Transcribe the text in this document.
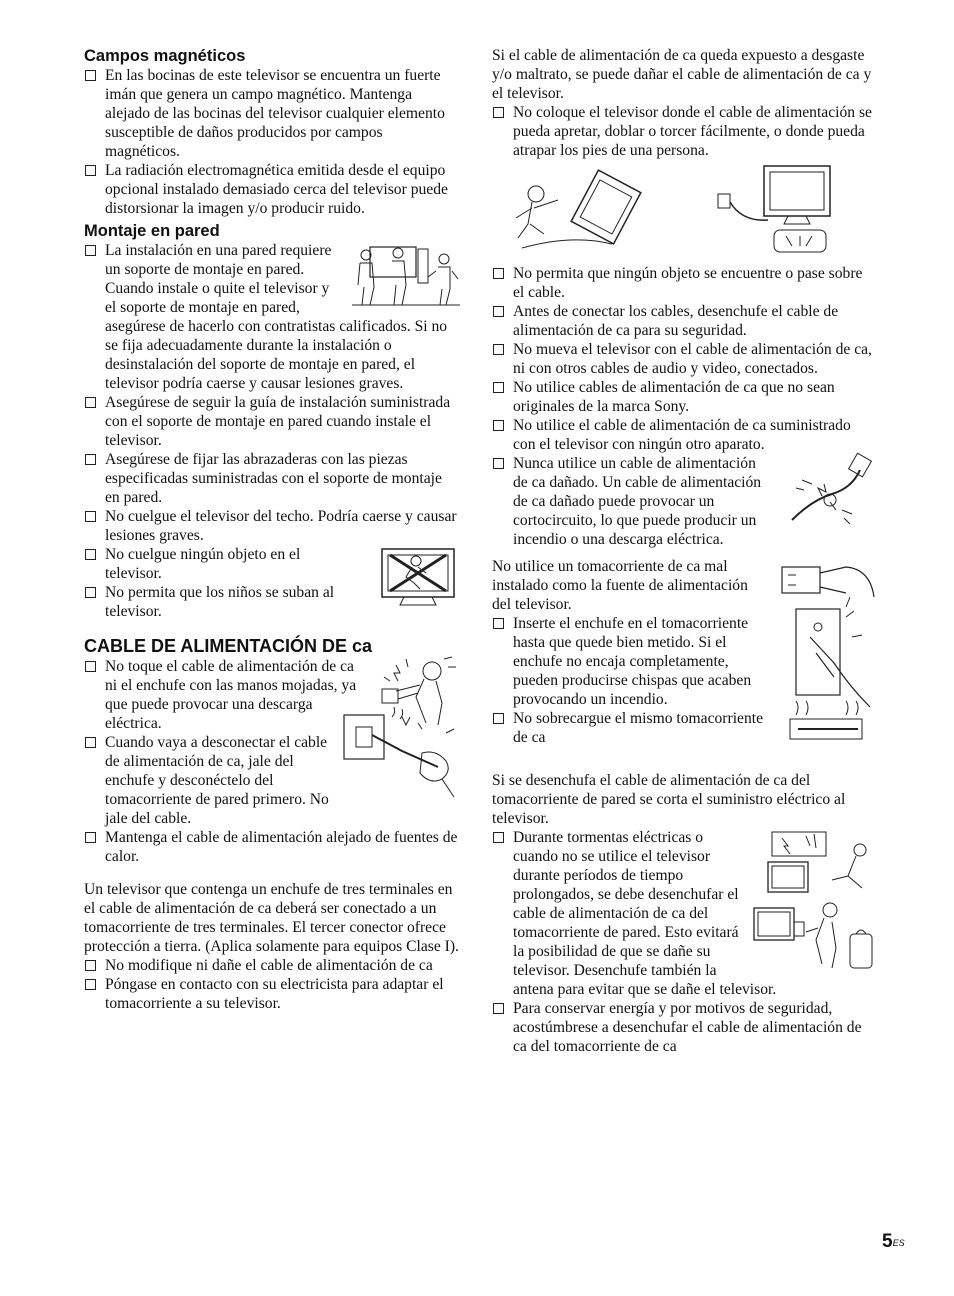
Campos magnéticos
En las bocinas de este televisor se encuentra un fuerte imán que genera un campo magnético. Mantenga alejado de las bocinas del televisor cualquier elemento susceptible de daños producidos por campos magnéticos.
La radiación electromagnética emitida desde el equipo opcional instalado demasiado cerca del televisor puede distorsionar la imagen y/o producir ruido.
Montaje en pared
La instalación en una pared requiere un soporte de montaje en pared. Cuando instale o quite el televisor y el soporte de montaje en pared, asegúrese de hacerlo con contratistas calificados. Si no se fija adecuadamente durante la instalación o desinstalación del soporte de montaje en pared, el televisor podría caerse y causar lesiones graves.
Asegúrese de seguir la guía de instalación suministrada con el soporte de montaje en pared cuando instale el televisor.
Asegúrese de fijar las abrazaderas con las piezas especificadas suministradas con el soporte de montaje en pared.
No cuelgue el televisor del techo. Podría caerse y causar lesiones graves.
No cuelgue ningún objeto en el televisor.
No permita que los niños se suban al televisor.
CABLE DE ALIMENTACIÓN DE ca
No toque el cable de alimentación de ca ni el enchufe con las manos mojadas, ya que puede provocar una descarga eléctrica.
Cuando vaya a desconectar el cable de alimentación de ca, jale del enchufe y desconéctelo del tomacorriente de pared primero. No jale del cable.
Mantenga el cable de alimentación alejado de fuentes de calor.

Un televisor que contenga un enchufe de tres terminales en el cable de alimentación de ca deberá ser conectado a un tomacorriente de tres terminales. El tercer conector ofrece protección a tierra. (Aplica solamente para equipos Clase I).

No modifique ni dañe el cable de alimentación de ca
Póngase en contacto con su electricista para adaptar el tomacorriente a su televisor.

Si el cable de alimentación de ca queda expuesto a desgaste y/o maltrato, se puede dañar el cable de alimentación de ca y el televisor.

No coloque el televisor donde el cable de alimentación se pueda apretar, doblar o torcer fácilmente, o donde pueda atrapar los pies de una persona.
No permita que ningún objeto se encuentre o pase sobre el cable.
Antes de conectar los cables, desenchufe el cable de alimentación de ca para su seguridad.
No mueva el televisor con el cable de alimentación de ca, ni con otros cables de audio y video, conectados.
No utilice cables de alimentación de ca que no sean originales de la marca Sony.
No utilice el cable de alimentación de ca suministrado con el televisor con ningún otro aparato.
Nunca utilice un cable de alimentación de ca dañado. Un cable de alimentación de ca dañado puede provocar un cortocircuito, lo que puede producir un incendio o una descarga eléctrica.

No utilice un tomacorriente de ca mal instalado como la fuente de alimentación del televisor.

Inserte el enchufe en el tomacorriente hasta que quede bien metido. Si el enchufe no encaja completamente, pueden producirse chispas que acaben provocando un incendio.
No sobrecargue el mismo tomacorriente de ca

Si se desenchufa el cable de alimentación de ca del tomacorriente de pared se corta el suministro eléctrico al televisor.

Durante tormentas eléctricas o cuando no se utilice el televisor durante períodos de tiempo prolongados, se debe desenchufar el cable de alimentación de ca del tomacorriente de pared. Esto evitará la posibilidad de que se dañe su televisor. Desenchufe también la antena para evitar que se dañe el televisor.
Para conservar energía y por motivos de seguridad, acostúmbrese a desenchufar el cable de alimentación de ca del tomacorriente de ca
$5^{ES}$
